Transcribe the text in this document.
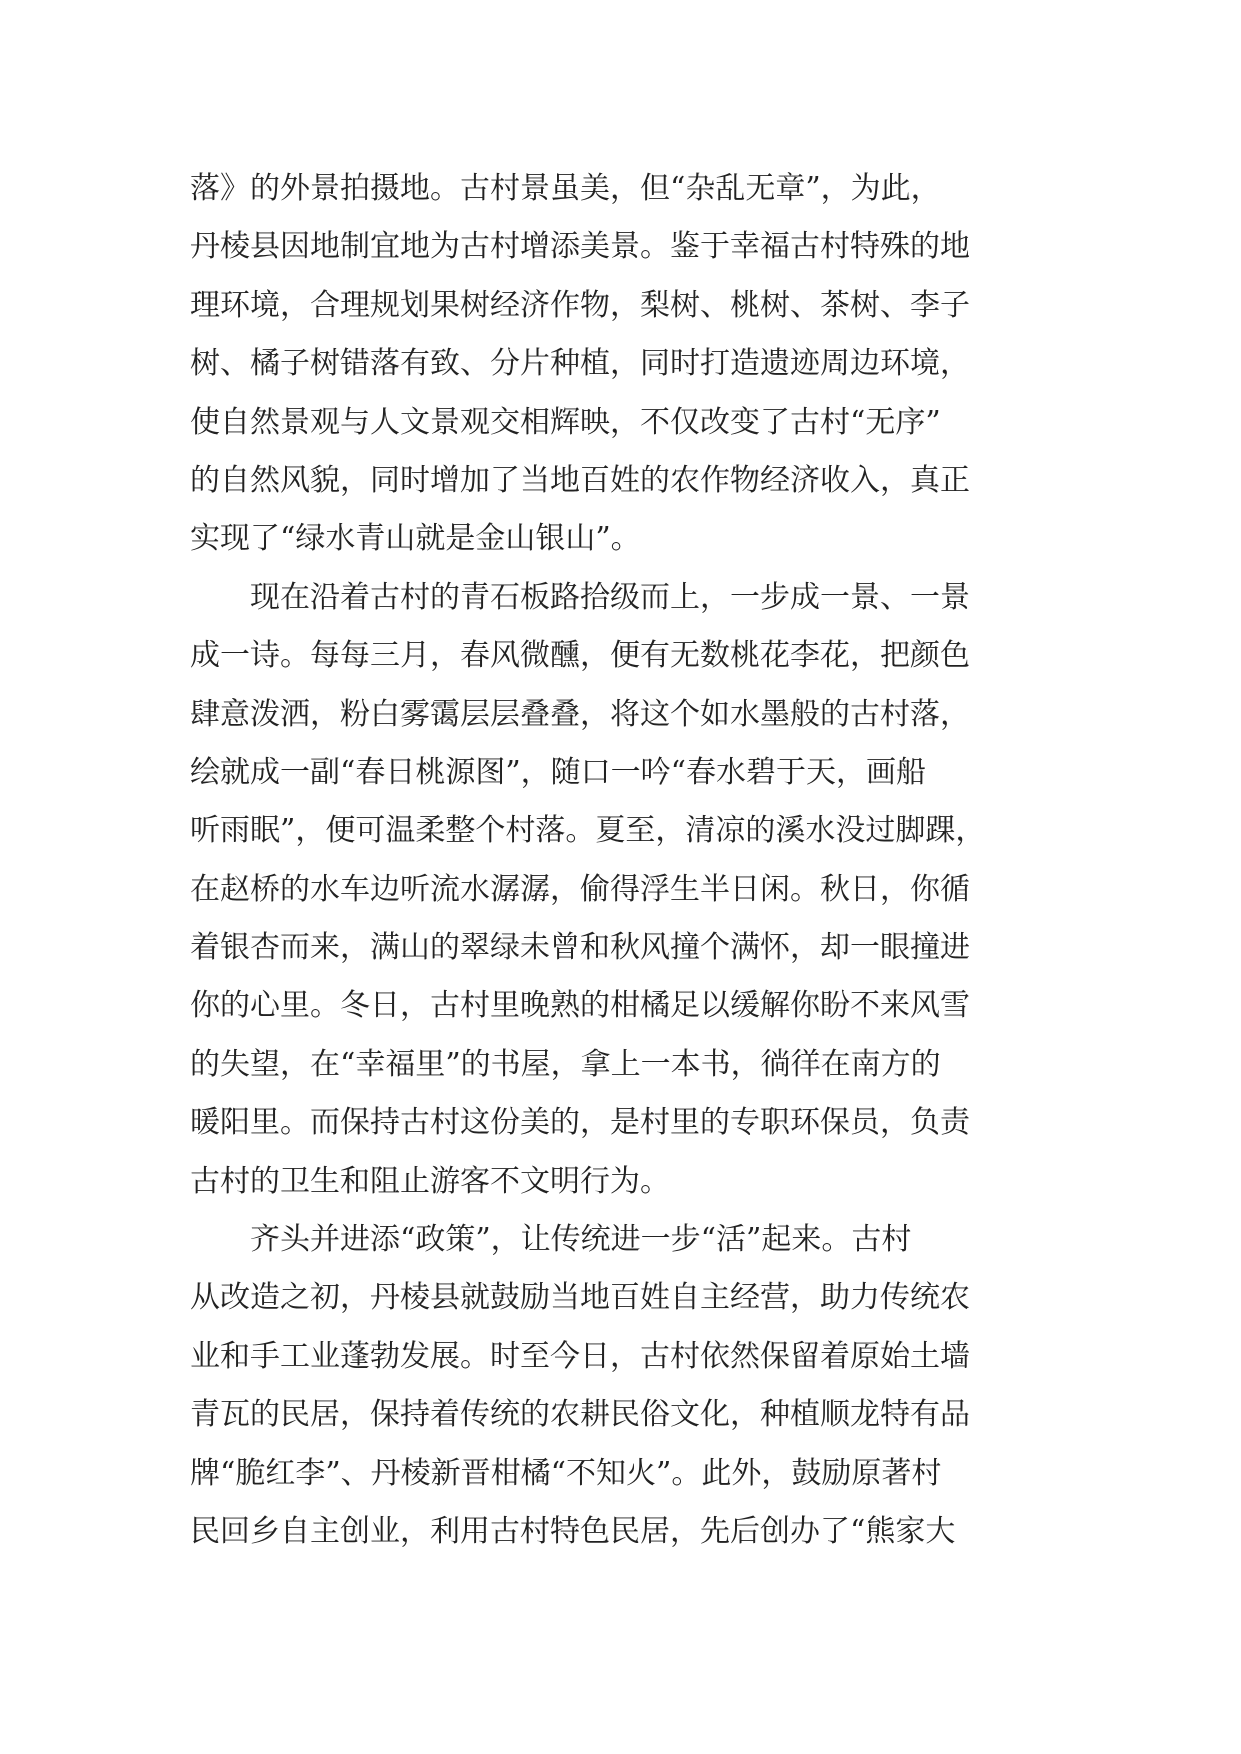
落》的外景拍摄地。古村景虽美，但“杂乱无章”，为此，
丹棱县因地制宜地为古村增添美景。鉴于幸福古村特殊的地
理环境，合理规划果树经济作物，梨树、桃树、茶树、李子
树、橘子树错落有致、分片种植，同时打造遗迹周边环境，
使自然景观与人文景观交相辉映，不仅改变了古村“无序”
的自然风貌，同时增加了当地百姓的农作物经济收入，真正
实现了“绿水青山就是金山银山”。
　　现在沿着古村的青石板路拾级而上，一步成一景、一景
成一诗。每每三月，春风微醺，便有无数桃花李花，把颜色
肆意泼洒，粉白雾霭层层叠叠，将这个如水墨般的古村落，
绘就成一副“春日桃源图”，随口一吟“春水碧于天，画船
听雨眠”，便可温柔整个村落。夏至，清凉的溪水没过脚踝，
在赵桥的水车边听流水潺潺，偷得浮生半日闲。秋日，你循
着银杏而来，满山的翠绿未曾和秋风撞个满怀，却一眼撞进
你的心里。冬日，古村里晚熟的柑橘足以缓解你盼不来风雪
的失望，在“幸福里”的书屋，拿上一本书，徜徉在南方的
暖阳里。而保持古村这份美的，是村里的专职环保员，负责
古村的卫生和阻止游客不文明行为。
　　齐头并进添“政策”，让传统进一步“活”起来。古村
从改造之初，丹棱县就鼓励当地百姓自主经营，助力传统农
业和手工业蓬勃发展。时至今日，古村依然保留着原始土墙
青瓦的民居，保持着传统的农耕民俗文化，种植顺龙特有品
牌“脆红李”、丹棱新晋柑橘“不知火”。此外，鼓励原著村
民回乡自主创业，利用古村特色民居，先后创办了“熊家大
